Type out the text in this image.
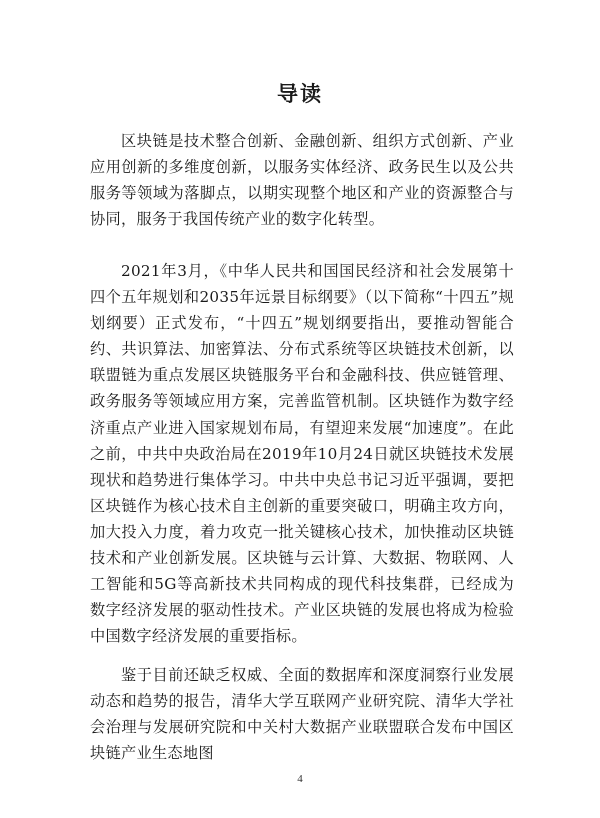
导读

区块链是技术整合创新、金融创新、组织方式创新、产业应用创新的多维度创新，以服务实体经济、政务民生以及公共服务等领域为落脚点，以期实现整个地区和产业的资源整合与协同，服务于我国传统产业的数字化转型。

2021年3月，《中华人民共和国国民经济和社会发展第十四个五年规划和2035年远景目标纲要》（以下简称“十四五”规划纲要）正式发布，“十四五”规划纲要指出，要推动智能合约、共识算法、加密算法、分布式系统等区块链技术创新，以联盟链为重点发展区块链服务平台和金融科技、供应链管理、政务服务等领域应用方案，完善监管机制。区块链作为数字经济重点产业进入国家规划布局，有望迎来发展“加速度”。在此之前，中共中央政治局在2019年10月24日就区块链技术发展现状和趋势进行集体学习。中共中央总书记习近平强调，要把区块链作为核心技术自主创新的重要突破口，明确主攻方向，加大投入力度，着力攻克一批关键核心技术，加快推动区块链技术和产业创新发展。区块链与云计算、大数据、物联网、人工智能和5G等高新技术共同构成的现代科技集群，已经成为数字经济发展的驱动性技术。产业区块链的发展也将成为检验中国数字经济发展的重要指标。

鉴于目前还缺乏权威、全面的数据库和深度洞察行业发展动态和趋势的报告，清华大学互联网产业研究院、清华大学社会治理与发展研究院和中关村大数据产业联盟联合发布中国区块链产业生态地图

4
